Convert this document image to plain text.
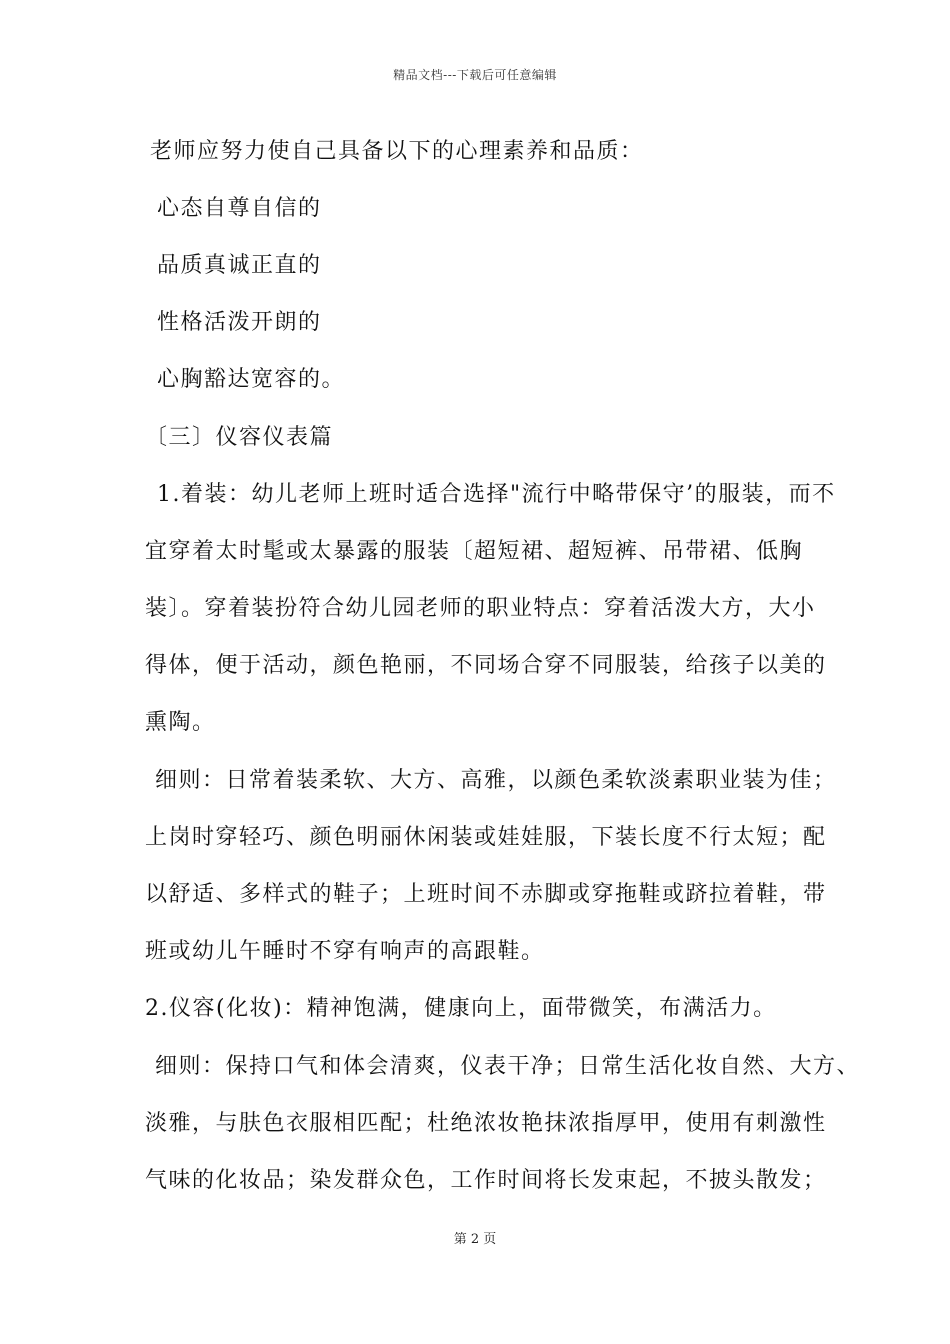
精品文档---下载后可任意编辑
老师应努力使自己具备以下的心理素养和品质：
心态自尊自信的
品质真诚正直的
性格活泼开朗的
心胸豁达宽容的。
〔三〕仪容仪表篇
1.着装：幼儿老师上班时适合选择"流行中略带保守’的服装，而不
宜穿着太时髦或太暴露的服装〔超短裙、超短裤、吊带裙、低胸
装〕。穿着装扮符合幼儿园老师的职业特点：穿着活泼大方，大小
得体，便于活动，颜色艳丽，不同场合穿不同服装，给孩子以美的
熏陶。
细则：日常着装柔软、大方、高雅，以颜色柔软淡素职业装为佳；
上岗时穿轻巧、颜色明丽休闲装或娃娃服，下装长度不行太短；配
以舒适、多样式的鞋子；上班时间不赤脚或穿拖鞋或跻拉着鞋，带
班或幼儿午睡时不穿有响声的高跟鞋。
2.仪容(化妆)：精神饱满，健康向上，面带微笑，布满活力。
细则：保持口气和体会清爽，仪表干净；日常生活化妆自然、大方、
淡雅，与肤色衣服相匹配；杜绝浓妆艳抹浓指厚甲，使用有刺激性
气味的化妆品；染发群众色，工作时间将长发束起，不披头散发；
第 2 页
